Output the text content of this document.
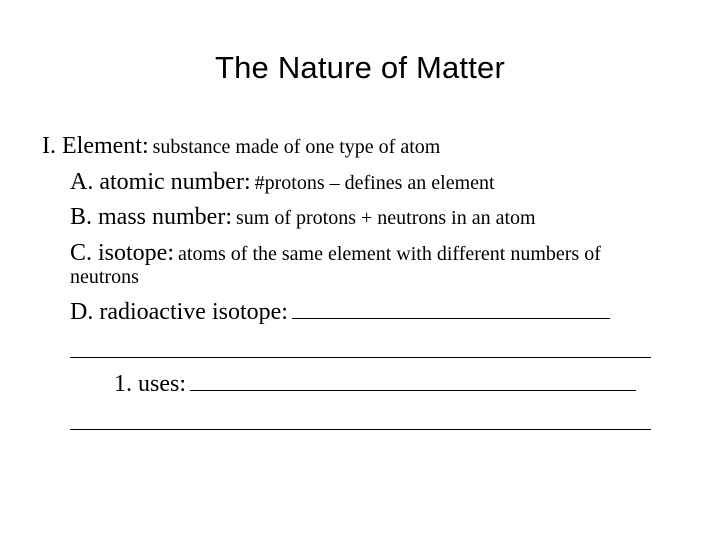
The Nature of Matter
I. Element: substance made of one type of atom
A. atomic number: #protons – defines an element
B. mass number: sum of protons + neutrons in an atom
C. isotope: atoms of the same element with different numbers of
neutrons
D. radioactive isotope:
1. uses:
